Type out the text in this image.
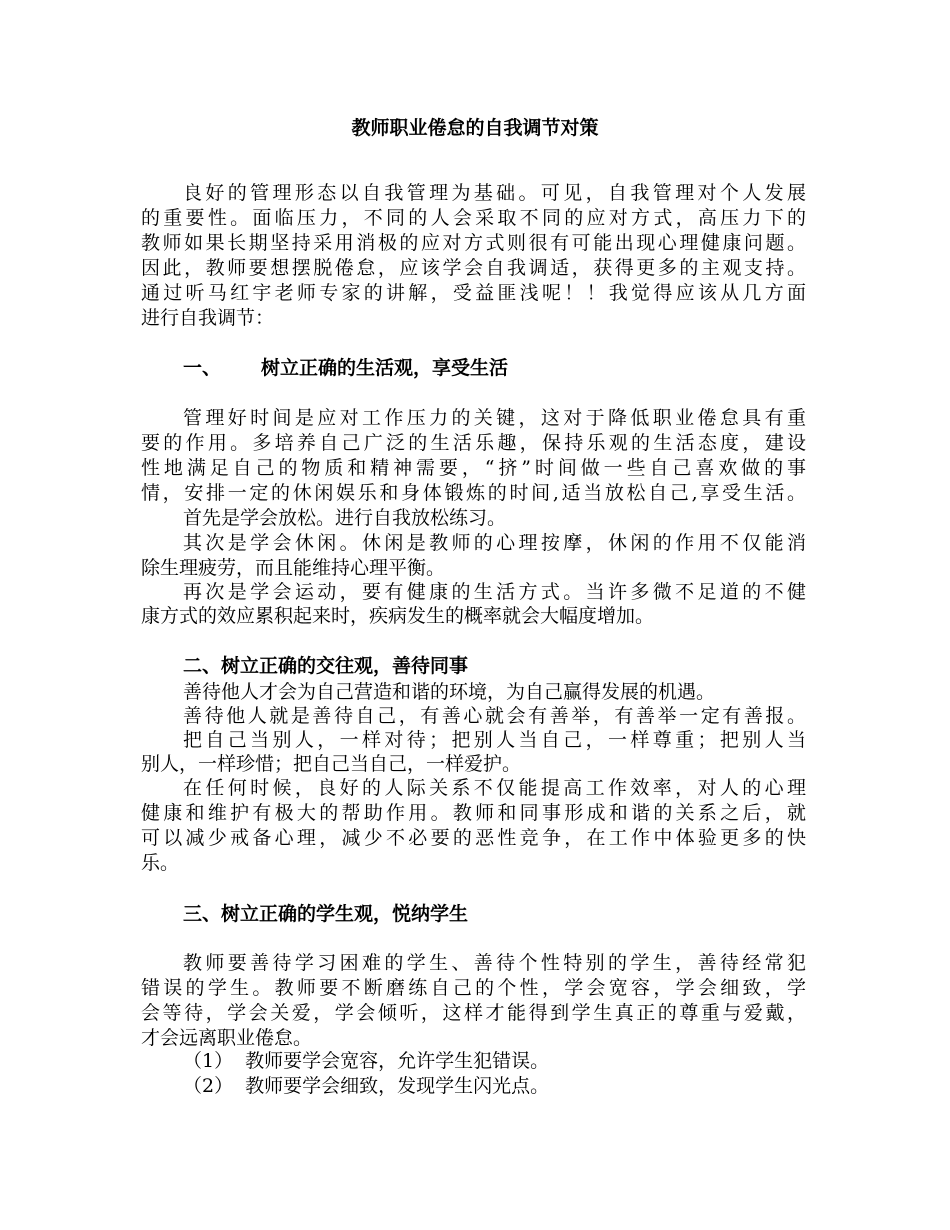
教师职业倦怠的自我调节对策
良好的管理形态以自我管理为基础。可见，自我管理对个人发展
的重要性。面临压力，不同的人会采取不同的应对方式，高压力下的
教师如果长期坚持采用消极的应对方式则很有可能出现心理健康问题。
因此，教师要想摆脱倦怠，应该学会自我调适，获得更多的主观支持。
通过听马红宇老师专家的讲解，受益匪浅呢！！我觉得应该从几方面
进行自我调节：
一、 树立正确的生活观，享受生活
管理好时间是应对工作压力的关键，这对于降低职业倦怠具有重
要的作用。多培养自己广泛的生活乐趣，保持乐观的生活态度，建设
性地满足自己的物质和精神需要，“挤”时间做一些自己喜欢做的事
情，安排一定的休闲娱乐和身体锻炼的时间,适当放松自己,享受生活。
首先是学会放松。进行自我放松练习。
其次是学会休闲。休闲是教师的心理按摩，休闲的作用不仅能消
除生理疲劳，而且能维持心理平衡。
再次是学会运动，要有健康的生活方式。当许多微不足道的不健
康方式的效应累积起来时，疾病发生的概率就会大幅度增加。
二、树立正确的交往观，善待同事
善待他人才会为自己营造和谐的环境，为自己赢得发展的机遇。
善待他人就是善待自己，有善心就会有善举，有善举一定有善报。
把自己当别人，一样对待；把别人当自己，一样尊重；把别人当
别人，一样珍惜；把自己当自己，一样爱护。
在任何时候，良好的人际关系不仅能提高工作效率，对人的心理
健康和维护有极大的帮助作用。教师和同事形成和谐的关系之后，就
可以减少戒备心理，减少不必要的恶性竞争，在工作中体验更多的快
乐。
三、树立正确的学生观，悦纳学生
教师要善待学习困难的学生、善待个性特别的学生，善待经常犯
错误的学生。教师要不断磨练自己的个性，学会宽容，学会细致，学
会等待，学会关爱，学会倾听，这样才能得到学生真正的尊重与爱戴，
才会远离职业倦怠。
（1） 教师要学会宽容，允许学生犯错误。
（2） 教师要学会细致，发现学生闪光点。
